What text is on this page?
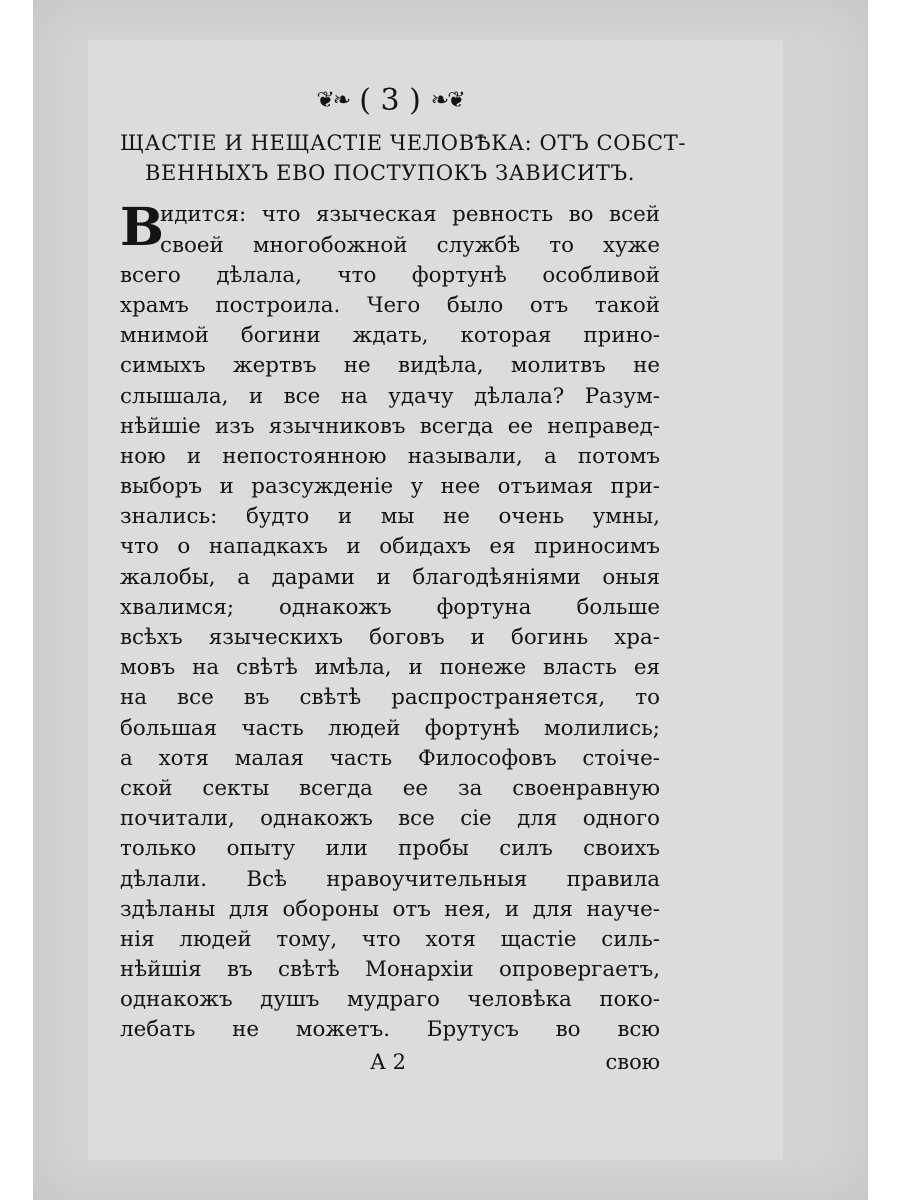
❦❧ ( 3 ) ❧❦
ЩАСТІЕ И НЕЩАСТІЕ ЧЕЛОВѢКА: ОТЪ СОБСТ-
ВЕННЫХЪ ЕВО ПОСТУПОКЪ ЗАВИСИТЪ.
В
идится: что языческая ревность во всей
своей многобожной службѣ то хуже
всего дѣлала, что фортунѣ особливой
храмъ построила. Чего было отъ такой
мнимой богини ждать, которая прино-
симыхъ жертвъ не видѣла, молитвъ не
слышала, и все на удачу дѣлала? Разум-
нѣйшіе изъ язычниковъ всегда ее неправед-
ною и непостоянною называли, а потомъ
выборъ и разсужденіе у нее отъимая при-
знались: будто и мы не очень умны,
что о нападкахъ и обидахъ ея приносимъ
жалобы, а дарами и благодѣяніями оныя
хвалимся; однакожъ фортуна больше
всѣхъ языческихъ боговъ и богинь хра-
мовъ на свѣтѣ имѣла, и понеже власть ея
на все въ свѣтѣ распространяется, то
большая часть людей фортунѣ молились;
а хотя малая часть Философовъ стоіче-
ской секты всегда ее за своенравную
почитали, однакожъ все сіе для одного
только опыту или пробы силъ своихъ
дѣлали. Всѣ нравоучительныя правила
здѣланы для обороны отъ нея, и для науче-
нія людей тому, что хотя щастіе силь-
нѣйшія въ свѣтѣ Монархіи опровергаетъ,
однакожъ душъ мудраго человѣка поко-
лебать не можетъ. Брутусъ во всю
А 2	свою
